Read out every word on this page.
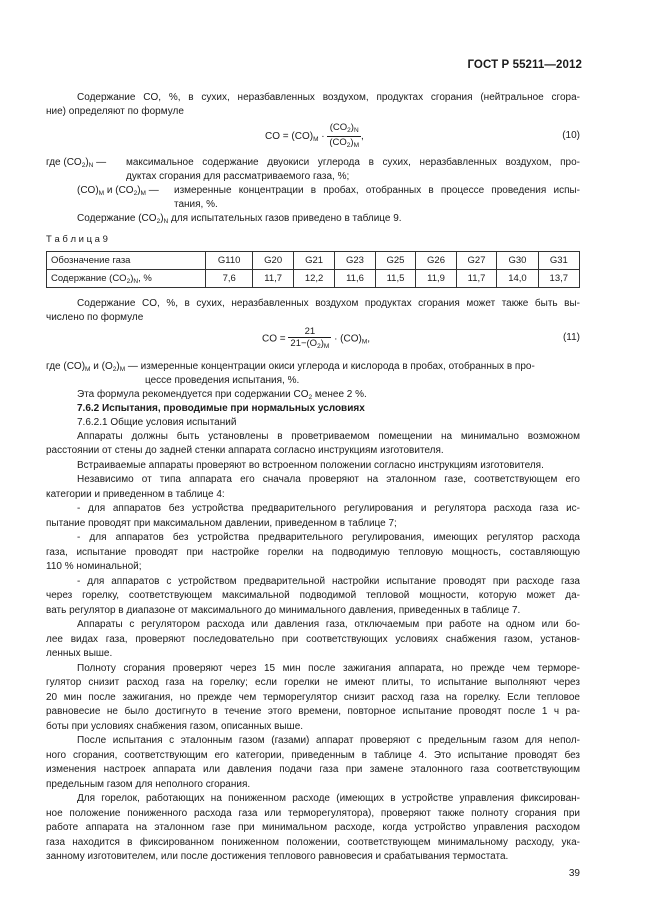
ГОСТ Р 55211—2012
Содержание CO, %, в сухих, неразбавленных воздухом, продуктах сгорания (нейтральное сгора-
ние) определяют по формуле
CO = $(CO)_M \cdot \frac{(CO_2)_N}{(CO_2)_M}$ ,	(10)
где $(CO_2)_N$ — максимальное содержание двуокиси углерода в сухих, неразбавленных воздухом, про-
дуктах сгорания для рассматриваемого газа, %;
$(CO)_M$ и $(CO_2)_M$ — измеренные концентрации в пробах, отобранных в процессе проведения испы-
тания, %.
Содержание $(CO_2)_N$ для испытательных газов приведено в таблице 9.
Т а б л и ц а 9
Обозначение газа	G110	G20	G21	G23	G25	G26	G27	G30	G31
Содержание $(CO_2)_N$, %	7,6	11,7	12,2	11,6	11,5	11,9	11,7	14,0	13,7
Содержание CO, %, в сухих, неразбавленных воздухом продуктах сгорания может также быть вы-
числено по формуле
CO = $\frac{21}{21-(O_2)_M} \cdot (CO)_M$,	(11)
где $(CO)_M$ и $(O_2)_M$ — измеренные концентрации окиси углерода и кислорода в пробах, отобранных в про-
цессе проведения испытания, %.
Эта формула рекомендуется при содержании $CO_2$ менее 2 %.
7.6.2 Испытания, проводимые при нормальных условиях
7.6.2.1 Общие условия испытаний
Аппараты должны быть установлены в проветриваемом помещении на минимально возможном
расстоянии от стены до задней стенки аппарата согласно инструкциям изготовителя.
Встраиваемые аппараты проверяют во встроенном положении согласно инструкциям изготовителя.
Независимо от типа аппарата его сначала проверяют на эталонном газе, соответствующем его
категории и приведенном в таблице 4:
- для аппаратов без устройства предварительного регулирования и регулятора расхода газа ис-
пытание проводят при максимальном давлении, приведенном в таблице 7;
- для аппаратов без устройства предварительного регулирования, имеющих регулятор расхода
газа, испытание проводят при настройке горелки на подводимую тепловую мощность, составляющую
110 % номинальной;
- для аппаратов с устройством предварительной настройки испытание проводят при расходе газа
через горелку, соответствующем максимальной подводимой тепловой мощности, которую может да-
вать регулятор в диапазоне от максимального до минимального давления, приведенных в таблице 7.
Аппараты с регулятором расхода или давления газа, отключаемым при работе на одном или бо-
лее видах газа, проверяют последовательно при соответствующих условиях снабжения газом, установ-
ленных выше.
Полноту сгорания проверяют через 15 мин после зажигания аппарата, но прежде чем терморе-
гулятор снизит расход газа на горелку; если горелки не имеют плиты, то испытание выполняют через
20 мин после зажигания, но прежде чем терморегулятор снизит расход газа на горелку. Если тепловое
равновесие не было достигнуто в течение этого времени, повторное испытание проводят после 1 ч ра-
боты при условиях снабжения газом, описанных выше.
После испытания с эталонным газом (газами) аппарат проверяют с предельным газом для непол-
ного сгорания, соответствующим его категории, приведенным в таблице 4. Это испытание проводят без
изменения настроек аппарата или давления подачи газа при замене эталонного газа соответствующим
предельным газом для неполного сгорания.
Для горелок, работающих на пониженном расходе (имеющих в устройстве управления фиксирован-
ное положение пониженного расхода газа или терморегулятора), проверяют также полноту сгорания при
работе аппарата на эталонном газе при минимальном расходе, когда устройство управления расходом
газа находится в фиксированном пониженном положении, соответствующем минимальному расходу, ука-
занному изготовителем, или после достижения теплового равновесия и срабатывания термостата.
39
